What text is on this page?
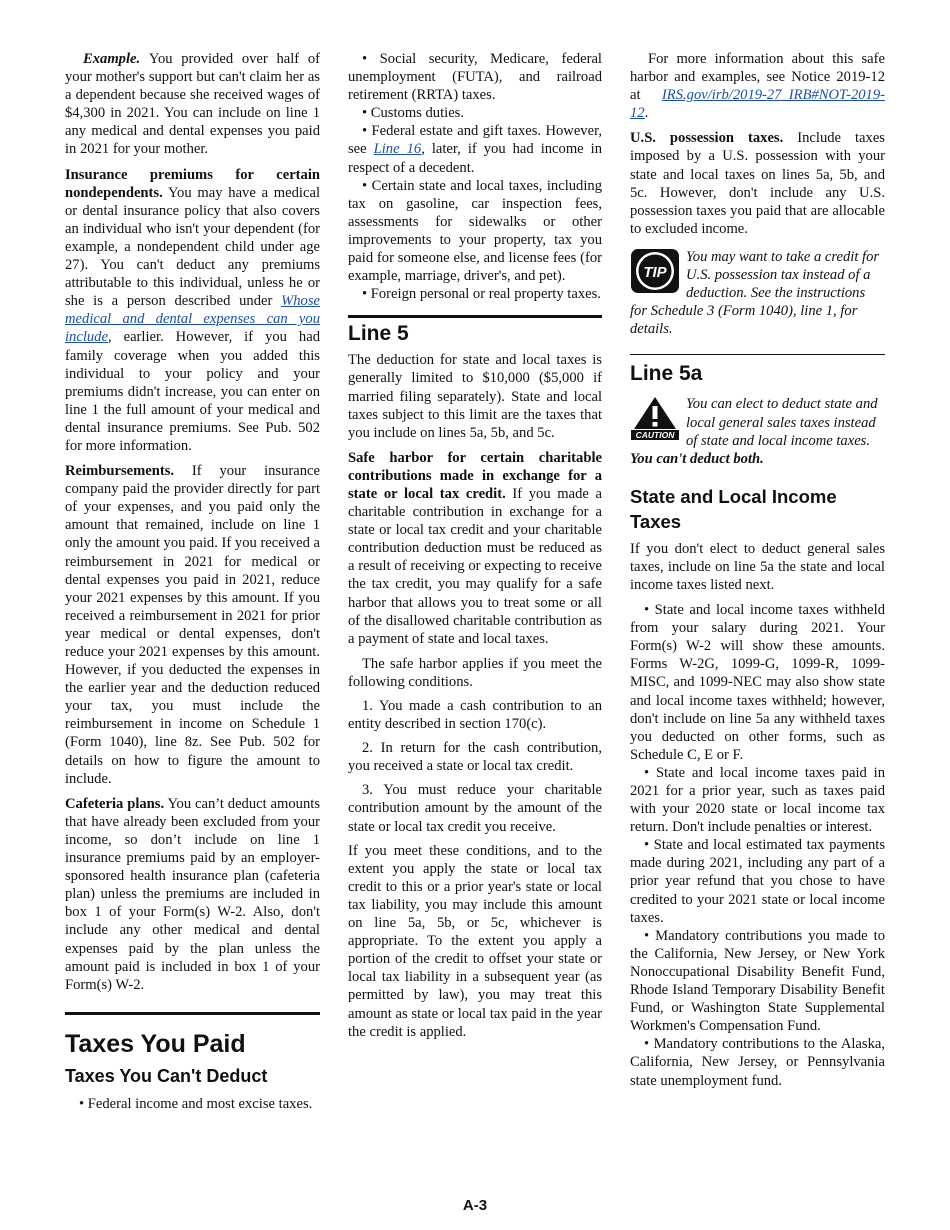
Example. You provided over half of your mother's support but can't claim her as a dependent because she received wages of $4,300 in 2021. You can include on line 1 any medical and dental expenses you paid in 2021 for your mother.

Insurance premiums for certain nondependents. You may have a medical or dental insurance policy that also covers an individual who isn't your dependent (for example, a nondependent child under age 27). You can't deduct any premiums attributable to this individual, unless he or she is a person described under Whose medical and dental expenses can you include, earlier. However, if you had family coverage when you added this individual to your policy and your premiums didn't increase, you can enter on line 1 the full amount of your medical and dental insurance premiums. See Pub. 502 for more information.

Reimbursements. If your insurance company paid the provider directly for part of your expenses, and you paid only the amount that remained, include on line 1 only the amount you paid. If you received a reimbursement in 2021 for medical or dental expenses you paid in 2021, reduce your 2021 expenses by this amount. If you received a reimbursement in 2021 for prior year medical or dental expenses, don't reduce your 2021 expenses by this amount. However, if you deducted the expenses in the earlier year and the deduction reduced your tax, you must include the reimbursement in income on Schedule 1 (Form 1040), line 8z. See Pub. 502 for details on how to figure the amount to include.

Cafeteria plans. You can’t deduct amounts that have already been excluded from your income, so don’t include on line 1 insurance premiums paid by an employer-sponsored health insurance plan (cafeteria plan) unless the premiums are included in box 1 of your Form(s) W-2. Also, don't include any other medical and dental expenses paid by the plan unless the amount paid is included in box 1 of your Form(s) W-2.

Taxes You Paid
Taxes You Can't Deduct

• Federal income and most excise taxes.

• Social security, Medicare, federal unemployment (FUTA), and railroad retirement (RRTA) taxes.

• Customs duties.

• Federal estate and gift taxes. However, see Line 16, later, if you had income in respect of a decedent.

• Certain state and local taxes, including tax on gasoline, car inspection fees, assessments for sidewalks or other improvements to your property, tax you paid for someone else, and license fees (for example, marriage, driver's, and pet).

• Foreign personal or real property taxes.

Line 5

The deduction for state and local taxes is generally limited to $10,000 ($5,000 if married filing separately). State and local taxes subject to this limit are the taxes that you include on lines 5a, 5b, and 5c.

Safe harbor for certain charitable contributions made in exchange for a state or local tax credit. If you made a charitable contribution in exchange for a state or local tax credit and your charitable contribution deduction must be reduced as a result of receiving or expecting to receive the tax credit, you may qualify for a safe harbor that allows you to treat some or all of the disallowed charitable contribution as a payment of state and local taxes.

The safe harbor applies if you meet the following conditions.

1. You made a cash contribution to an entity described in section 170(c).

2. In return for the cash contribution, you received a state or local tax credit.

3. You must reduce your charitable contribution amount by the amount of the state or local tax credit you receive.

If you meet these conditions, and to the extent you apply the state or local tax credit to this or a prior year's state or local tax liability, you may include this amount on line 5a, 5b, or 5c, whichever is appropriate. To the extent you apply a portion of the credit to offset your state or local tax liability in a subsequent year (as permitted by law), you may treat this amount as state or local tax paid in the year the credit is applied.

For more information about this safe harbor and examples, see Notice 2019-12 at IRS.gov/irb/2019-27_IRB#NOT-2019-12.

U.S. possession taxes. Include taxes imposed by a U.S. possession with your state and local taxes on lines 5a, 5b, and 5c. However, don't include any U.S. possession taxes you paid that are allocable to excluded income.

TIP
You may want to take a credit for U.S. possession tax instead of a deduction. See the instructions for Schedule 3 (Form 1040), line 1, for details.
Line 5a
CAUTION
You can elect to deduct state and local general sales taxes instead of state and local income taxes. You can't deduct both.
State and Local Income Taxes

If you don't elect to deduct general sales taxes, include on line 5a the state and local income taxes listed next.

• State and local income taxes withheld from your salary during 2021. Your Form(s) W-2 will show these amounts. Forms W-2G, 1099-G, 1099-R, 1099-MISC, and 1099-NEC may also show state and local income taxes withheld; however, don't include on line 5a any withheld taxes you deducted on other forms, such as Schedule C, E or F.

• State and local income taxes paid in 2021 for a prior year, such as taxes paid with your 2020 state or local income tax return. Don't include penalties or interest.

• State and local estimated tax payments made during 2021, including any part of a prior year refund that you chose to have credited to your 2021 state or local income taxes.

• Mandatory contributions you made to the California, New Jersey, or New York Nonoccupational Disability Benefit Fund, Rhode Island Temporary Disability Benefit Fund, or Washington State Supplemental Workmen's Compensation Fund.

• Mandatory contributions to the Alaska, California, New Jersey, or Pennsylvania state unemployment fund.

A-3
